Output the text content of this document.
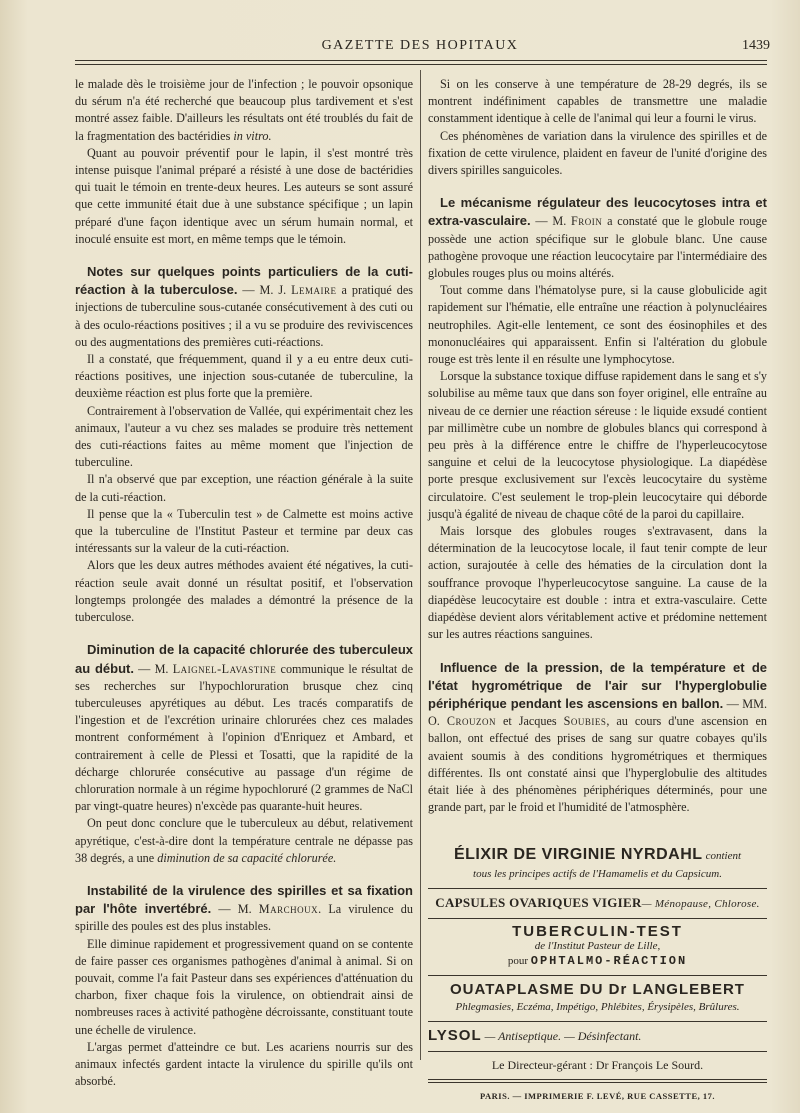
GAZETTE DES HOPITAUX	1439

le malade dès le troisième jour de l'infection ; le pouvoir opsonique du sérum n'a été recherché que beaucoup plus tardivement et s'est montré assez faible. D'ailleurs les résultats ont été troublés du fait de la fragmentation des bactéridies in vitro.

Quant au pouvoir préventif pour le lapin, il s'est montré très intense puisque l'animal préparé a résisté à une dose de bactéridies qui tuait le témoin en trente-deux heures. Les auteurs se sont assuré que cette immunité était due à une substance spécifique ; un lapin préparé d'une façon identique avec un sérum humain normal, et inoculé ensuite est mort, en même temps que le témoin.

Notes sur quelques points particuliers de la cuti-réaction à la tuberculose. — M. J. Lemaire a pratiqué des injections de tuberculine sous-cutanée consécutivement à des cuti ou à des oculo-réactions positives ; il a vu se produire des reviviscences ou des augmentations des premières cuti-réactions.

Il a constaté, que fréquemment, quand il y a eu entre deux cuti-réactions positives, une injection sous-cutanée de tuberculine, la deuxième réaction est plus forte que la première.

Contrairement à l'observation de Vallée, qui expérimentait chez les animaux, l'auteur a vu chez ses malades se produire très nettement des cuti-réactions faites au même moment que l'injection de tuberculine.

Il n'a observé que par exception, une réaction générale à la suite de la cuti-réaction.

Il pense que la « Tuberculin test » de Calmette est moins active que la tuberculine de l'Institut Pasteur et termine par deux cas intéressants sur la valeur de la cuti-réaction.

Alors que les deux autres méthodes avaient été négatives, la cuti-réaction seule avait donné un résultat positif, et l'observation longtemps prolongée des malades a démontré la présence de la tuberculose.

Diminution de la capacité chlorurée des tuberculeux au début. — M. Laignel-Lavastine communique le résultat de ses recherches sur l'hypochloruration brusque chez cinq tuberculeuses apyrétiques au début. Les tracés comparatifs de l'ingestion et de l'excrétion urinaire chlorurées chez ces malades montrent conformément à l'opinion d'Enriquez et Ambard, et contrairement à celle de Plessi et Tosatti, que la rapidité de la décharge chlorurée consécutive au passage d'un régime de chloruration normale à un régime hypochloruré (2 grammes de NaCl par vingt-quatre heures) n'excède pas quarante-huit heures.

On peut donc conclure que le tuberculeux au début, relativement apyrétique, c'est-à-dire dont la température centrale ne dépasse pas 38 degrés, a une diminution de sa capacité chlorurée.

Instabilité de la virulence des spirilles et sa fixation par l'hôte invertébré. — M. Marchoux. La virulence du spirille des poules est des plus instables.

Elle diminue rapidement et progressivement quand on se contente de faire passer ces organismes pathogènes d'animal à animal. Si on pouvait, comme l'a fait Pasteur dans ses expériences d'atténuation du charbon, fixer chaque fois la virulence, on obtiendrait ainsi de nombreuses races à activité pathogène décroissante, constituant toute une échelle de virulence.

L'argas permet d'atteindre ce but. Les acariens nourris sur des animaux infectés gardent intacte la virulence du spirille qu'ils ont absorbé.

Si on les conserve à une température de 28-29 degrés, ils se montrent indéfiniment capables de transmettre une maladie constamment identique à celle de l'animal qui leur a fourni le virus.

Ces phénomènes de variation dans la virulence des spirilles et de fixation de cette virulence, plaident en faveur de l'unité d'origine des divers spirilles sanguicoles.

Le mécanisme régulateur des leucocytoses intra et extra-vasculaire. — M. Froin a constaté que le globule rouge possède une action spécifique sur le globule blanc. Une cause pathogène provoque une réaction leucocytaire par l'intermédiaire des globules rouges plus ou moins altérés.

Tout comme dans l'hématolyse pure, si la cause globulicide agit rapidement sur l'hématie, elle entraîne une réaction à polynucléaires neutrophiles. Agit-elle lentement, ce sont des éosinophiles et des mononucléaires qui apparaissent. Enfin si l'altération du globule rouge est très lente il en résulte une lymphocytose.

Lorsque la substance toxique diffuse rapidement dans le sang et s'y solubilise au même taux que dans son foyer originel, elle entraîne au niveau de ce dernier une réaction séreuse : le liquide exsudé contient par millimètre cube un nombre de globules blancs qui correspond à peu près à la différence entre le chiffre de l'hyperleucocytose sanguine et celui de la leucocytose physiologique. La diapédèse porte presque exclusivement sur l'excès leucocytaire du système circulatoire. C'est seulement le trop-plein leucocytaire qui déborde jusqu'à égalité de niveau de chaque côté de la paroi du capillaire.

Mais lorsque des globules rouges s'extravasent, dans la détermination de la leucocytose locale, il faut tenir compte de leur action, surajoutée à celle des hématies de la circulation dont la souffrance provoque l'hyperleucocytose sanguine. La cause de la diapédèse leucocytaire est double : intra et extra-vasculaire. Cette diapédèse devient alors véritablement active et prédomine nettement sur les autres réactions sanguines.

Influence de la pression, de la température et de l'état hygrométrique de l'air sur l'hyperglobulie périphérique pendant les ascensions en ballon. — MM. O. Crouzon et Jacques Soubies, au cours d'une ascension en ballon, ont effectué des prises de sang sur quatre cobayes qu'ils avaient soumis à des conditions hygrométriques et thermiques différentes. Ils ont constaté ainsi que l'hyperglobulie des altitudes était liée à des phénomènes périphériques déterminés, pour une grande part, par le froid et l'humidité de l'atmosphère.

ÉLIXIR DE VIRGINIE NYRDAHL contient
tous les principes actifs de l'Hamamelis et du Capsicum.
CAPSULES OVARIQUES VIGIER— Ménopause, Chlorose.
TUBERCULIN-TEST
de l'Institut Pasteur de Lille,
pour OPHTALMO-RÉACTION
OUATAPLASME DU Dr LANGLEBERT
Phlegmasies, Eczéma, Impétigo, Phlébites, Érysipèles, Brûlures.
LYSOL — Antiseptique. — Désinfectant.
Le Directeur-gérant : Dr François Le Sourd.
PARIS. — IMPRIMERIE F. LEVÉ, RUE CASSETTE, 17.
